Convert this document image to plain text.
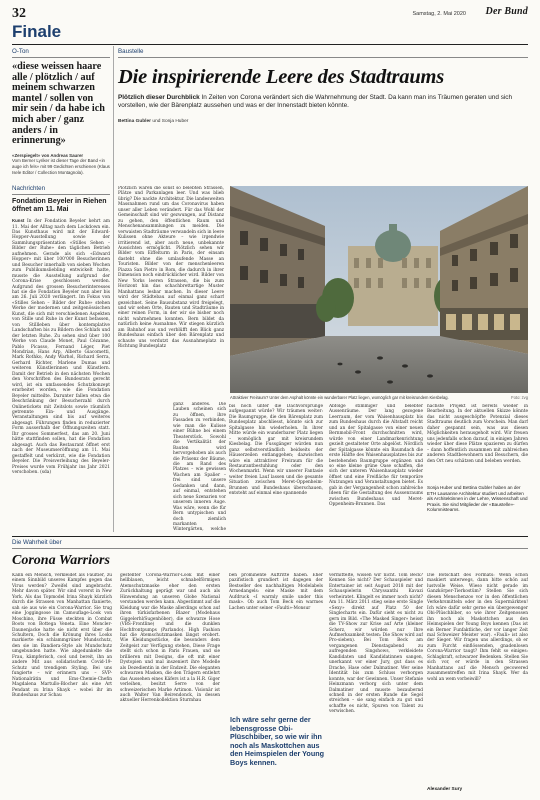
32	Samstag, 2. Mai 2020 Der Bund
Finale
O-Ton
«diese weissen haare alle / plötzlich / auf meinem schwarzen mantel / sollen von mir sein / da habe ich mich aber / ganz anders / in erinnerung»
«Zerspiegelt» von Andreas Saurer
Vom Berner Lyriker ist dieser Tage der Band «in auge ich fels» mit 99 Gedichten erschienen (Klaus Isele Editor / Collection Montagnola).
Nachrichten
Fondation Beyeler in Riehen öffnet am 11. Mai
Kunst In der Fondation Beyeler kehrt am 11. Mai der Alltag nach dem Lockdown ein. Das Kunsthaus wird mit der Edward-Hopper-Ausstellung sowie der Sammlungspräsentation «Stilles Sehen – Bilder der Ruhe» den täglichen Betrieb aufnehmen. Gerade als sich «Edward Hopper» mit über 100'000 Besucherinnen und Besucher innerhalb von sieben Wochen zum Publikumsliebling entwickelt hatte, musste die Ausstellung aufgrund der Corona-Krise geschlossen werden. Aufgrund des grossen Besucherinteresses hat sie die Fondation Beyeler nun aber bis am 26. Juli 2020 verlängert. Im Fokus von «Stilles Sehen – Bilder der Ruhe» stehen Werke der modernen und zeitgenössischen Kunst, die sich mit verschiedenen Aspekten von Stille und Ruhe in der Kunst befassen, von Stillleben über kontemplative Landschaften bis zu Bildern des Schlafs und der letzten Ruhe. Zu sehen sind über 100 Werke von Claude Monet, Paul Cézanne, Pablo Picasso, Fernand Léger, Piet Mondrian, Hans Arp, Alberto Giacometti, Mark Rothko, Andy Warhol, Richard Serra, Gerhard Richter, Marlene Dumas und weiteren Künstlerinnen und Künstlern. Damit der Betrieb in den nächsten Wochen den Vorschriften des Bundesrats gerecht wird, ist ein umfassendes Schutzkonzept erarbeitet worden, wie die Fondation Beyeler mitteilte. Darunter fallen etwa die Beschränkung der Besucherzahl durch Onlinetickets mit Zeitslots sowie räumlich getrennte Ein- und Ausgänge. Veranstaltungen sind bis auf weiteres abgesagt. Führungen finden in reduzierter Form ausserhalb der Öffnungszeiten statt. Ihr grosses Sommerfest, das am 20. Juni hätte stattfinden sollen, hat die Fondation abgesagt. Auch das Restaurant öffnet erst nach der Museumseröffnung am 11. Mai gestaffelt und verkürzt, wie die Fondation Beyeler. Die Preisverleihung des Beyeler-Preises wurde vom Frühjahr ins Jahr 2021 verschoben. (sda)
Baustelle
Die inspirierende Leere des Stadtraums
Plötzlich dieser Durchblick In Zeiten von Corona verändert sich die Wahrnehmung der Stadt. Da kann man ins Träumen geraten und sich vorstellen, wie der Bärenplatz aussehen und was er der Innenstadt bieten könnte.
Bettina Gubler und Sonja Huber
Plötzlich waren die sonst so belebten Strassen, Plätze und Parkanlagen leer. Und was blieb übrig? Die nackte Architektur. Die landesweiten Massnahmen rund um das Coronavirus haben unser aller Leben verändert. Für das Wohl der Gemeinschaft sind wir gezwungen, auf Distanz zu gehen, den öffentlichen Raum und Menschenansammlungen zu meiden. Die verwaisten Stadträume verwandeln sich in leere Kulissen ohne Akteure – wie irgendwie irritierend ist, aber auch neue, unbekannte Aussichten ermöglicht. Plötzlich sehen wir Bilder vom Eiffelturm in Paris, der einsam dasteht ohne die umlaufende Masse an Touristen. Bilder von der menschenleeren Piazza San Pietro in Rom, die dadurch in ihrer Dimension noch eindrücklicher wird. Bilder von New Yorks leeren Strassen, die bis zum Horizont hin das schachbrettartige Muster Manhattans lesbar machen. In dieser Leere wird der Städtebau auf einmal ganz scharf gezeichnet. Seine Bausubstanz wird freigelegt, und wir sehen Orte, Bauten und Stadträume in einer reinen Form, in der wir sie bisher noch nicht wahrnehmen konnten. Bern bildet da natürlich keine Ausnahme. Wir stiegen kürzlich am Bahnhof aus und verblüfft den Blick ganz Bundeshaus einfach über den Bärenplatz und schaute uns verdutzt das Ausnahmeplatz in Richtung Bundesplatz
Attraktiver Freiraum? Unter dem Asphalt könnte ein wunderbarer Platz liegen, womöglich gar mit kreisrundem Kiesbelag.	Foto: zvg
bis hoch unter die Dachvorsprünge aufgespannt würde? Wir träumen weiter: Die Baumgruppe, die den Bärenplatz zum Bundesplatz abschliesst, könnte sich zur Spitalgasse hin wiederholen. In ihrer Mitte würde ein wunderbarer Platz liegen – womöglich gar mit kreisrundem Kiesbelag. Die Fussgänger würden nun ganz selbstverständlich beidseits der Häuserzeilen entlanggehen; dazwischen wäre ein attraktiver Freiraum für die Restaurantbestuhlung oder den Wochenmarkt. Wenn wir unserer Fantasie weiter freien Lauf lassen und die gesamte Situation zwischen Meret-Oppenheim-Brunnen und Bundeshaus überschauen, entsteht auf einmal eine spannende
Abfolge stimmiger und belebter Aussenräume. Der lang gezogene Leerraum, der vom Waisenhausplatz bis zum Bundeshaus durch die Altstadt reicht und an der Spitalgasse von einer neuen Bernmobil-Front durchschnitten wird, würde von einer Landmarkenrichtung gezielt gestalteter Orte abgelöst. Nördlich der Spitalgasse könnte ein Baumdach die erste Hälfte des Waisenhausplatzes bis zur bestehenden Baumgruppe ergänzen und so eine kleine grüne Oase schaffen, die sich der unteren Waisenhausplatz wieder öffnet und eine Freifläche für temporäre Nutzungen und Veranstaltungen bietet. Es gab in der Vergangenheit schon zahlreiche Ideen für die Gestaltung des Aussenraums zwischen Bundeshaus und Meret-Oppenheim-Brunnen. Das
nächste Projekt ist bereits wieder in Bearbeitung. In der aktuellen Skizze könnte das nicht ausgeschöpfte Potenzial dieses Stadtraums deutlich zum Vorschein. Man darf daher gespannt sein, was aus diesen Möglichkeiten herausgeholt wird. Wir freuen uns jedenfalls schon darauf, in einigen Jahren wieder über diese Plätze spazieren zu dürfen – dann hoffentlich zusammen mit zahlreichen anderen Stadtbewohnern und Besuchern, die den Ort neu schätzen und beleben werden.
ganz anderes. Die Lauben scheinen sich zu öffnen, ihre Fassaden zu verbinden, wie man die Kulisse einer Bühne bei einem Theaterstück. Sowohl die Vertikalität der Bauten wird hervorgehoben als auch die Präsenz der Bäume, die am Rand des Platzes – wie gewissen Wachen am Spalier – frei sind unsere Gedanken und dann, auf einmal, entstehen sich neue Szenarien vor unserem inneren Auge. Was wäre, wenn die für Bern untypischen und doch ziemlich markanten Wintergärten, welche
Sonja Huber und Bettina Gubler haben an der ETH Lausanne Architektur studiert und arbeiten als Architektinnen in der Lehre, Wissenschaft und Praxis. Sie sind Mitglieder der «Baustelle»-Kolumnisteams.
Die Wahrheit über
Corona Warriors
Kann ein Mensch, verkleidet als Faultier, zu einem Sinnbild unseres Kampfes gegen das Virus werden? Zweifel sind angebracht. Mehr davon später. Wir sind vorerst in New York. Als das Topmodel Irina Shayk kürzlich durch die Strassen von Manhattan flanierte, sah sie aus wie ein Corona-Warrior. Sie trug eine Joggingsose im Camouflage-Look von Moschino, ihre Füsse steckten in Combat Boots von Bottega Veneta. Eine Moncler-Daunenjacke hatte sie nicht erst über die Schultern, Doch die Krönung ihres Looks markierte ein schlammgrüner Mundschutz, den sie im Bandiera-Style als Mundschutz umgebunden hatte. Wie abgedunkelte die Frau, kämpferisch, cool und bereit, ihn an andere Mit aus solidarischem Covid-19-Schutz und trendigem Styling. Bei uns fungierte – wir erinnern uns – SVP-Nationalrätin und Ems-Chemie-Chefin Magdalena Martullo-Blocher als eine Art Pendant zu Irina Shayk – wobei ihr im Bundeshaus zur Schau
gestellter Corona-Warrior-Look mit einer hellblauen, leicht schnabelförmigen Atemschutzmaske eher den ersten Zurückhaltung geprägt war und auch als Hinwendung an unseren Globe National verstanden werden kann. Abgestimmt auf die Kleidung war die Maske allerdings schon auf ihren türkisfarbenen Blazer (Modehaus Giggelerhl/Sugenhöber), die schwarze Hose (VBS-Frontline) und die dunklen Hochfrontpumps (Parlando). High Fashion hat die Atemschutzmasken längst erobert. Wie Kleidungsstücke, die besonders dem Zeitgeist zur Verfügung stehen, Diese Frage stellt sich schon in Paris Frauen, und sie brillieren mit Designs, die oft mit einer Dystopien und mal inszeniert ihre Modelle als Dezedientin in der Endzeit. Die eleganten schwarzen Masken, die den Trägern entlehrt das Aussehen eines Käfers ist a la H.R. Giger verleihen, besitzt Serre von der schweizerischen Marke Artimon. Visionär ist auch Walter Van Beirendonck, in dessen aktueller Herrenkollektion Sturmhau
ben prominente Auftritte haben. Eher pazifistisch grundiert ist dagegen der Bestseller des nachhaltigen Modelabels Armedangels: eine Maske mit dem Aufdruck «I warmly smile under this mask». Ob auch Tom Beck ein warmes Lachen unter seiner «Faulti»-Monsur
Ich wäre sehr gerne der lebensgrosse Obi-Plüschbiber, so wie wir ihn noch als Maskottchen aus den Heimspielen der Young Boys kennen.
vermittelte, wissen wir nicht. Tom Beck? Kennen Sie nicht? Der Schauspieler und Entertainer ist seit August 2018 mit der Schauspielerin Chryssanthi Kavazi verheiratet. Klingelt es immer noch nicht? Am 11. März 2011 stieg seine erste Single «Sexy» direkt auf Platz 50 der Singlecharts ein. Dafür sieht es nicht zu gern im Bild. «The Masked Singer» heisst die TV-Show zur Krise auf Arte (kleiner Scherz, wir würden nur Ihre Aufmerksamkeit testen: Die Show wird auf Pro-sieben). Bei Tom Beck am vergangenen Dienstagabend zu aufregenden Singshows, verkleidete Kandidaten und Kandidatinnen sangen, unerkannt vor einer Jury, gut dass es Drache, Hase oder Dalmatiner. Wer seine Identität bis zum Schluss verborgen konnte, war der Gewinnen. Unser Stefanie Heinzmann verborg sich unter dem Dalmatiner und musste bezaubernd schnell in der ersten Runde die Segel streichen – sie sang einfach zu gut und schaffte es nicht, Spuren von Talent zu verwischen.
Die Botschaft des Formats: Wenn schon maskiert unterwegs, dann bitte schön auf lustvolle Weise. Wieso nicht gerade im Ganzkörper-Tierkostüm? Stellen Sie sich diesen Menschenzoo vor in den öffentlichen Verkehrsmitteln oder in den Supermärkten! Ich wäre dafür sehr gerne ein übergewenger Obi-Plüschbiber, so wie ihrer Zeitgenossen ihn noch als Maskottchen aus den Heimspielen der Young Boys kennen (Das ist ein Berner Funfaktliche, der vor langer Zeit mal Schweizer Meister war). «Fauli» ist also der Sieger. Wir fragen uns allerdings, ob er zum Furcht einflössenden, gnadenlosen Corona-Warrior taugt? Ihm fehlt so einiges: Schlagkraft, schwarzer Bedenken. Stellen Sie sich vor, er würde in den Strassen Manhattans auf die Mensch gecowered zusammentreffen mit Irina Shayk. Wer da wohl an wem vorbeiwill?
Alexander Sury
